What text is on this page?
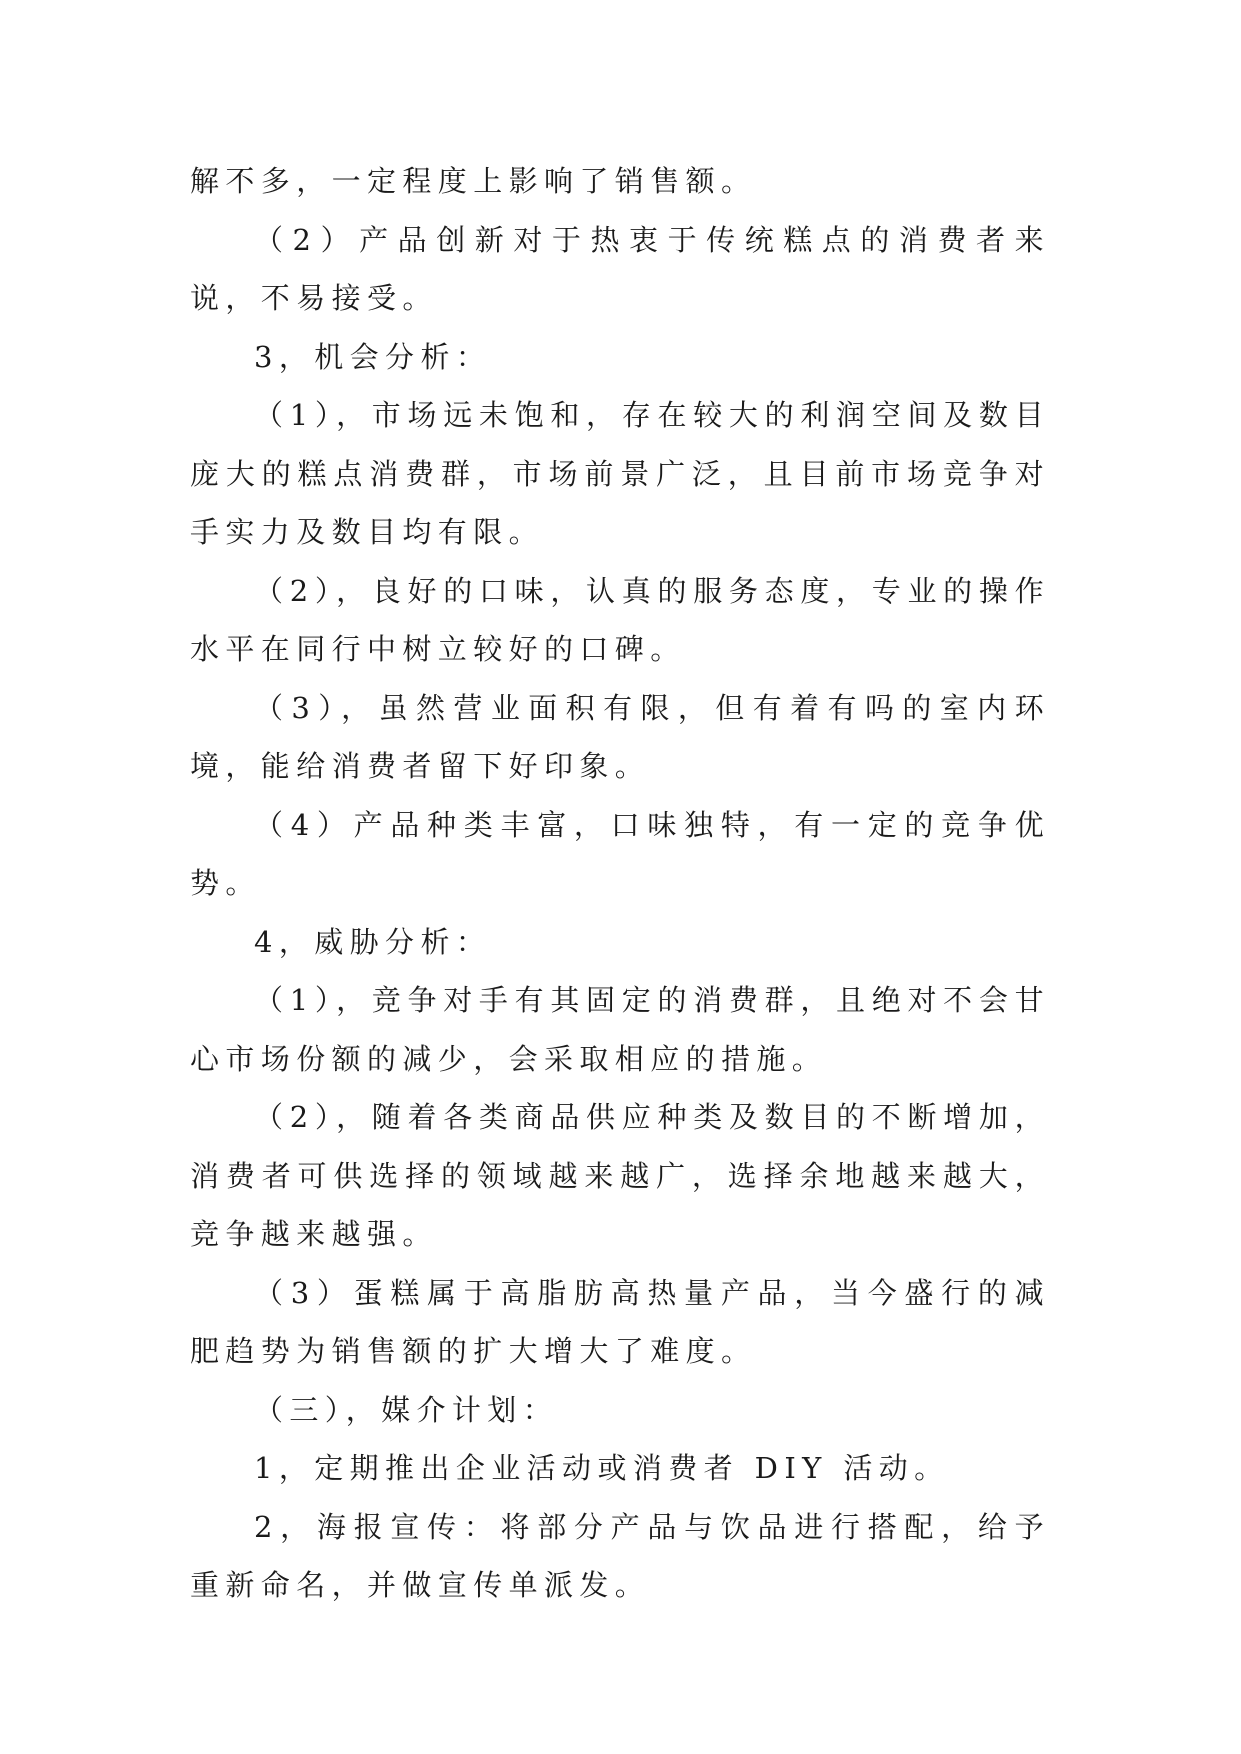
解不多，一定程度上影响了销售额。

（2）产品创新对于热衷于传统糕点的消费者来说，不易接受。

3，机会分析：

（1），市场远未饱和，存在较大的利润空间及数目庞大的糕点消费群，市场前景广泛，且目前市场竞争对手实力及数目均有限。

（2），良好的口味，认真的服务态度，专业的操作水平在同行中树立较好的口碑。

（3），虽然营业面积有限，但有着有吗的室内环境，能给消费者留下好印象。

（4）产品种类丰富，口味独特，有一定的竞争优势。

4，威胁分析：

（1），竞争对手有其固定的消费群，且绝对不会甘心市场份额的减少，会采取相应的措施。

（2），随着各类商品供应种类及数目的不断增加，消费者可供选择的领域越来越广，选择余地越来越大，竞争越来越强。

（3）蛋糕属于高脂肪高热量产品，当今盛行的减肥趋势为销售额的扩大增大了难度。

（三），媒介计划：

1，定期推出企业活动或消费者 DIY 活动。

2，海报宣传：将部分产品与饮品进行搭配，给予重新命名，并做宣传单派发。
